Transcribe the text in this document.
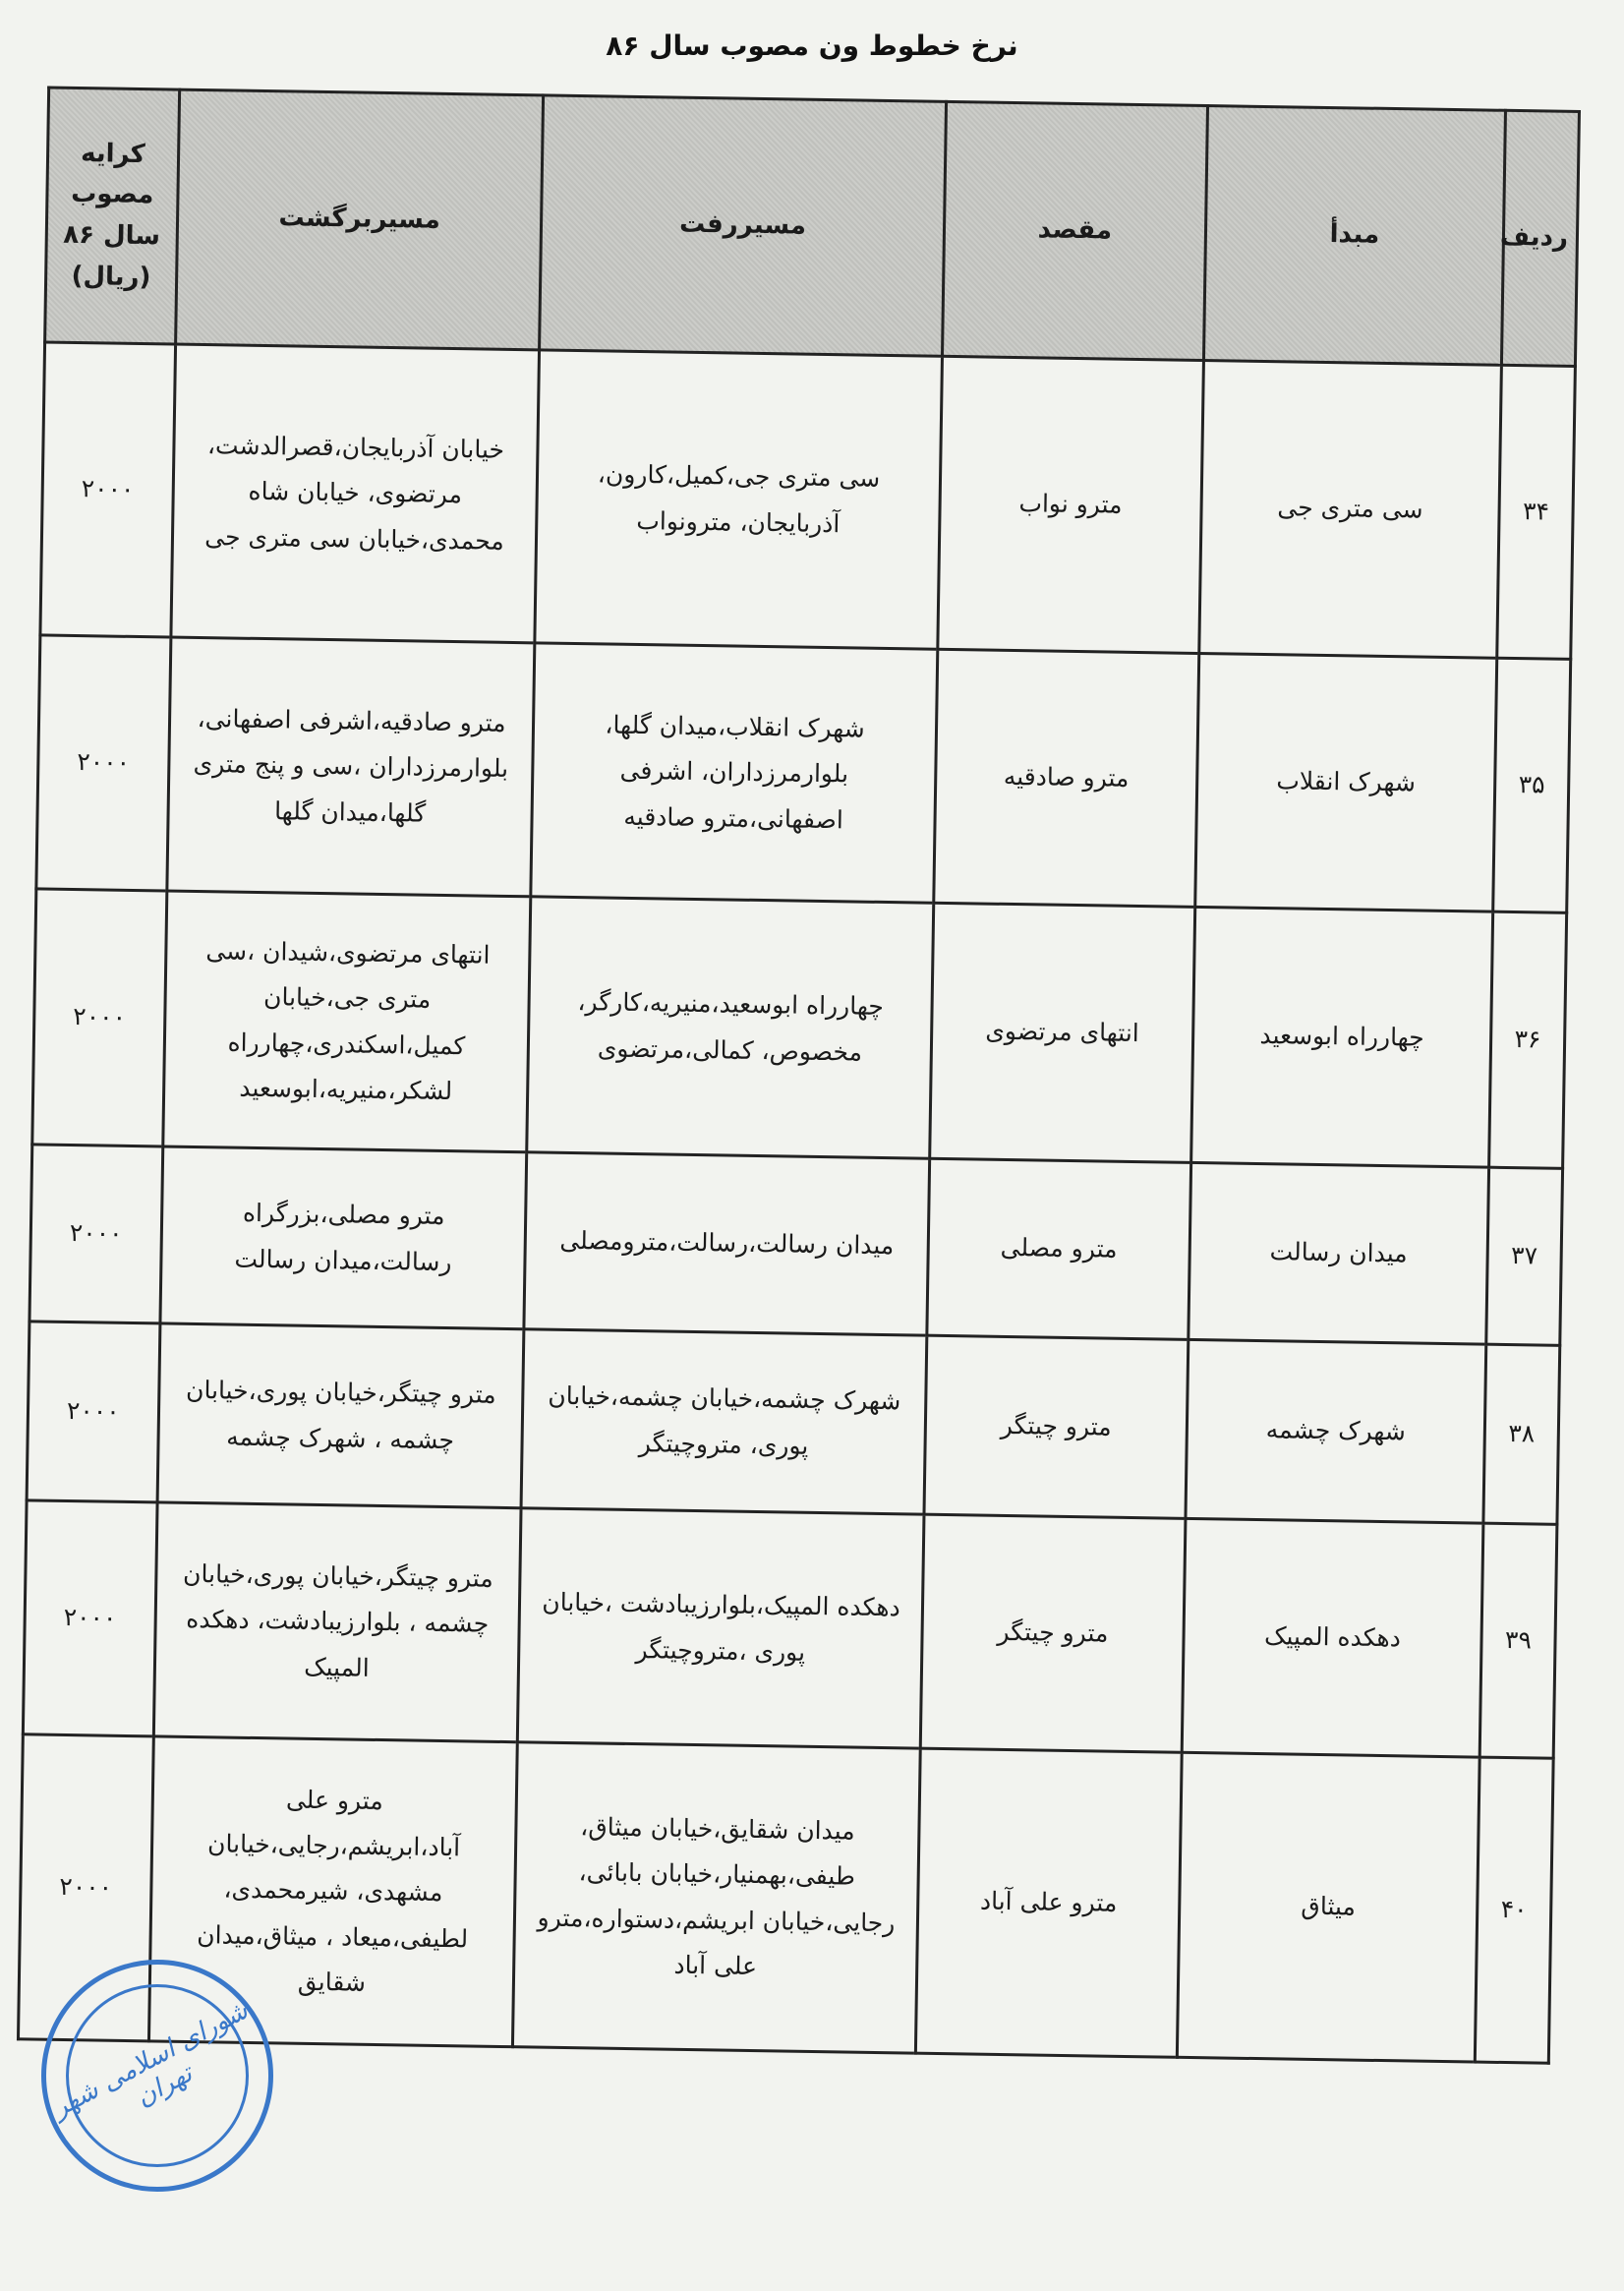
نرخ خطوط ون مصوب سال ۸۶
ردیف	مبدأ	مقصد	مسیررفت	مسیربرگشت	کرایه مصوب سال ۸۶ (ریال)
۳۴	سی متری جی	مترو نواب	سی متری جی،کمیل،کارون، آذربایجان، مترونواب	خیابان آذربایجان،قصرالدشت، مرتضوی، خیابان شاه محمدی،خیابان سی متری جی	۲۰۰۰
۳۵	شهرک انقلاب	مترو صادقیه	شهرک انقلاب،میدان گلها، بلوارمرزداران، اشرفی اصفهانی،مترو صادقیه	مترو صادقیه،اشرفی اصفهانی، بلوارمرزداران ،سی و پنج متری گلها،میدان گلها	۲۰۰۰
۳۶	چهارراه ابوسعید	انتهای مرتضوی	چهارراه ابوسعید،منیریه،کارگر، مخصوص، کمالی،مرتضوی	انتهای مرتضوی،شیدان ،سی متری جی،خیابان کمیل،اسکندری،چهارراه لشکر،منیریه،ابوسعید	۲۰۰۰
۳۷	میدان رسالت	مترو مصلی	میدان رسالت،رسالت،مترومصلی	مترو مصلی،بزرگراه رسالت،میدان رسالت	۲۰۰۰
۳۸	شهرک چشمه	مترو چیتگر	شهرک چشمه،خیابان چشمه،خیابان پوری، متروچیتگر	مترو چیتگر،خیابان پوری،خیابان چشمه ، شهرک چشمه	۲۰۰۰
۳۹	دهکده المپیک	مترو چیتگر	دهکده المپیک،بلوارزیبادشت ،خیابان پوری ،متروچیتگر	مترو چیتگر،خیابان پوری،خیابان چشمه ، بلوارزیبادشت، دهکده المپیک	۲۰۰۰
۴۰	میثاق	مترو علی آباد	میدان شقایق،خیابان میثاق، طیفی،بهمنیار،خیابان بابائی، رجایی،خیابان ابریشم،دستواره،مترو علی آباد	مترو علی آباد،ابریشم،رجایی،خیابان مشهدی، شیرمحمدی، لطیفی،میعاد ، میثاق،میدان شقایق	۲۰۰۰
شورای اسلامی شهر تهران
